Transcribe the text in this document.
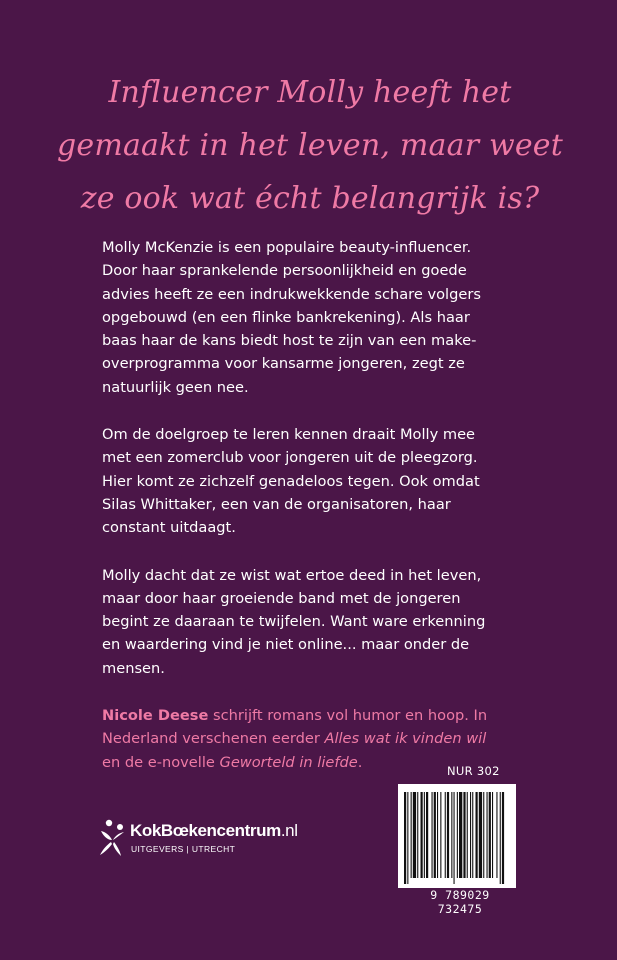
Influencer Molly heeft het
gemaakt in het leven, maar weet
ze ook wat écht belangrijk is?

Molly McKenzie is een populaire beauty-influencer.
Door haar sprankelende persoonlijkheid en goede
advies heeft ze een indrukwekkende schare volgers
opgebouwd (en een flinke bankrekening). Als haar
baas haar de kans biedt host te zijn van een make-
overprogramma voor kansarme jongeren, zegt ze
natuurlijk geen nee.

Om de doelgroep te leren kennen draait Molly mee
met een zomerclub voor jongeren uit de pleegzorg.
Hier komt ze zichzelf genadeloos tegen. Ook omdat
Silas Whittaker, een van de organisatoren, haar
constant uitdaagt.

Molly dacht dat ze wist wat ertoe deed in het leven,
maar door haar groeiende band met de jongeren
begint ze daaraan te twijfelen. Want ware erkenning
en waardering vind je niet online... maar onder de
mensen.

Nicole Deese schrijft romans vol humor en hoop. In
Nederland verschenen eerder Alles wat ik vinden wil
en de e-novelle Geworteld in liefde.

KokBœkencentrum.nl
UITGEVERS | UTRECHT
NUR 302
9 789029 732475
